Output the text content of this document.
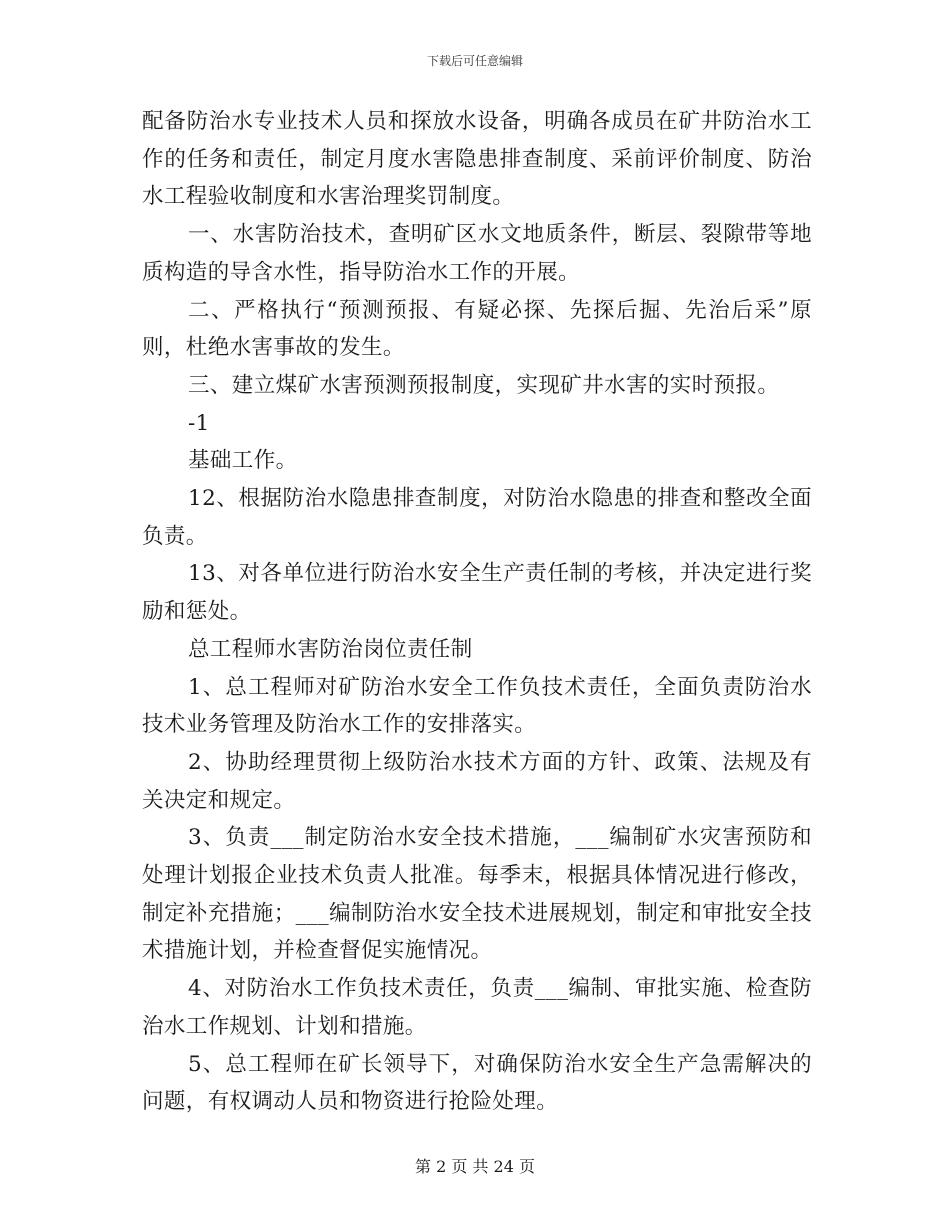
下载后可任意编辑

配备防治水专业技术人员和探放水设备，明确各成员在矿井防治水工作的任务和责任，制定月度水害隐患排查制度、采前评价制度、防治水工程验收制度和水害治理奖罚制度。

一、水害防治技术，查明矿区水文地质条件，断层、裂隙带等地质构造的导含水性，指导防治水工作的开展。

二、严格执行“预测预报、有疑必探、先探后掘、先治后采”原则，杜绝水害事故的发生。

三、建立煤矿水害预测预报制度，实现矿井水害的实时预报。

-1

基础工作。

12、根据防治水隐患排查制度，对防治水隐患的排查和整改全面负责。

13、对各单位进行防治水安全生产责任制的考核，并决定进行奖励和惩处。

总工程师水害防治岗位责任制

1、总工程师对矿防治水安全工作负技术责任，全面负责防治水技术业务管理及防治水工作的安排落实。

2、协助经理贯彻上级防治水技术方面的方针、政策、法规及有关决定和规定。

3、负责___制定防治水安全技术措施，___编制矿水灾害预防和处理计划报企业技术负责人批准。每季末，根据具体情况进行修改，制定补充措施；___编制防治水安全技术进展规划，制定和审批安全技术措施计划，并检查督促实施情况。

4、对防治水工作负技术责任，负责___编制、审批实施、检查防治水工作规划、计划和措施。

5、总工程师在矿长领导下，对确保防治水安全生产急需解决的问题，有权调动人员和物资进行抢险处理。

第 2 页 共 24 页
